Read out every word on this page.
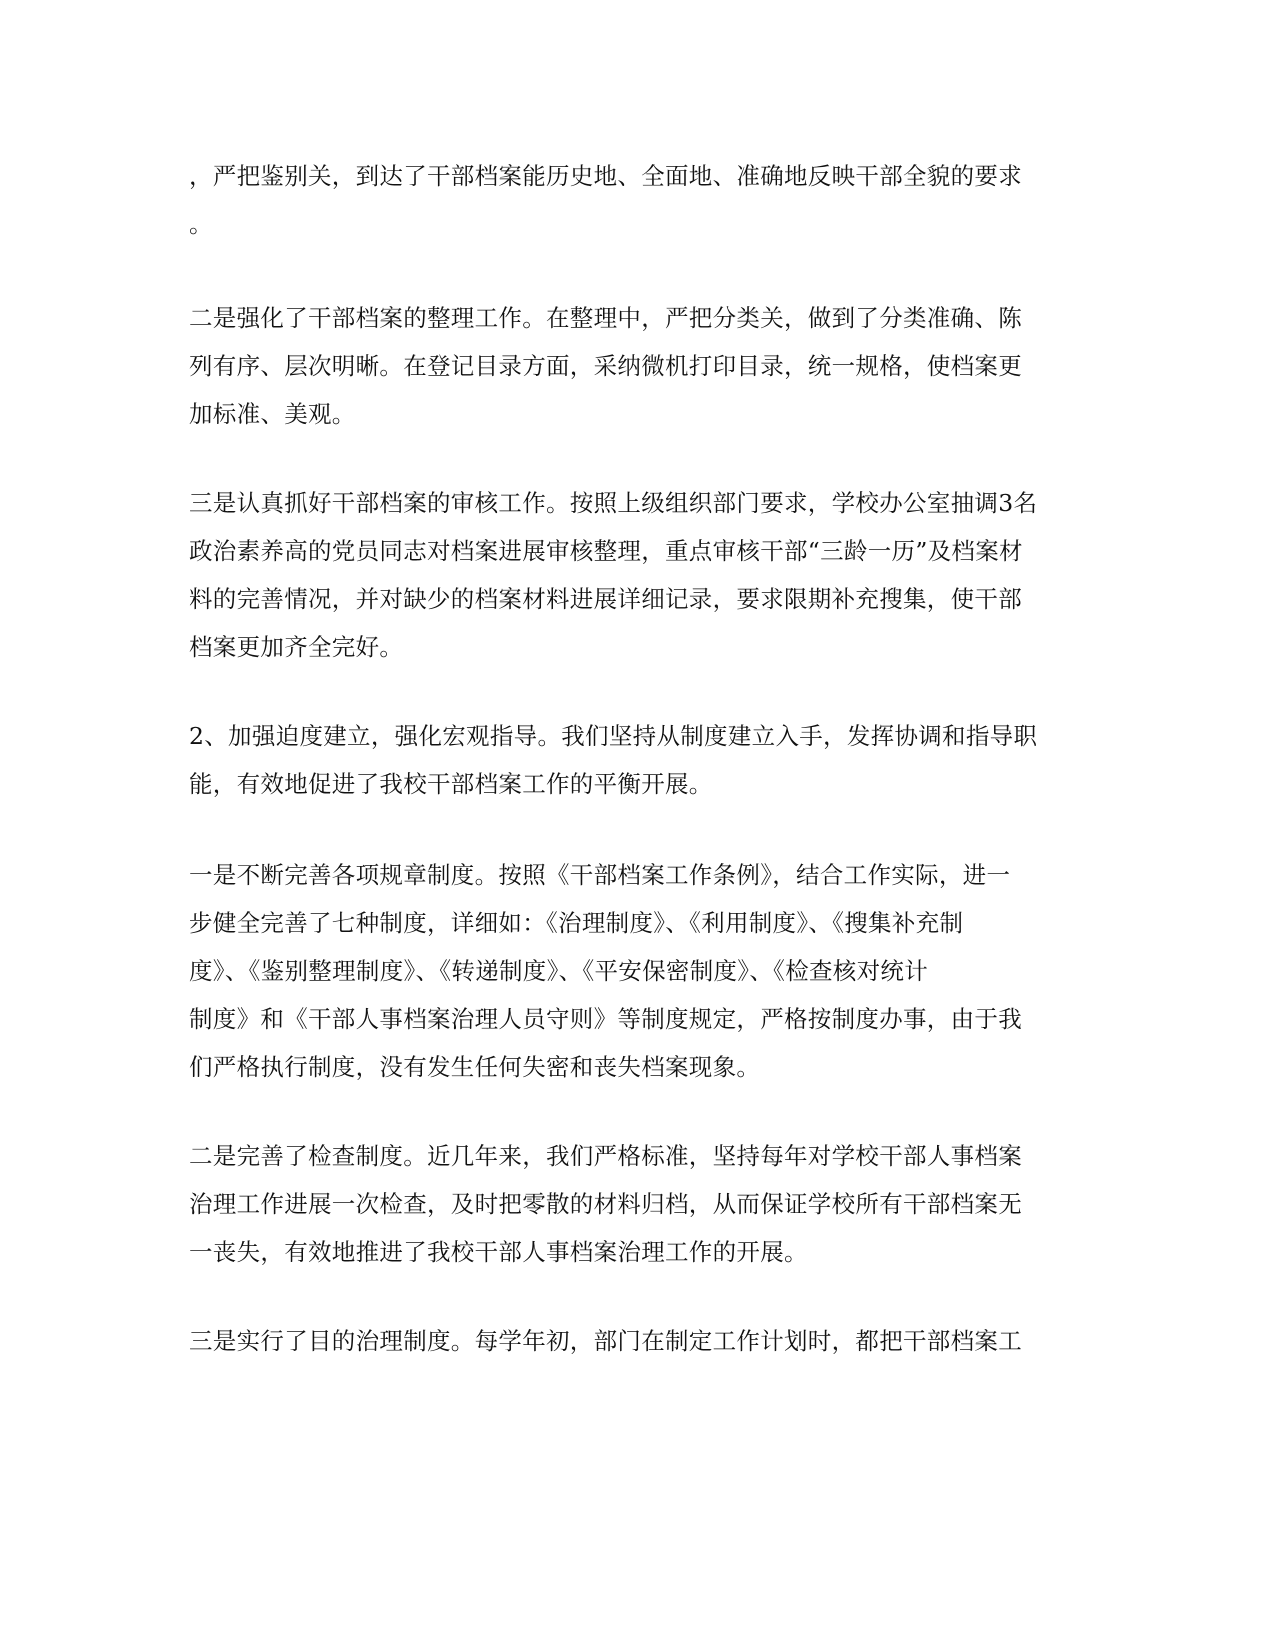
，严把鉴别关，到达了干部档案能历史地、全面地、准确地反映干部全貌的要求
。
二是强化了干部档案的整理工作。在整理中，严把分类关，做到了分类准确、陈
列有序、层次明晰。在登记目录方面，采纳微机打印目录，统一规格，使档案更
加标准、美观。
三是认真抓好干部档案的审核工作。按照上级组织部门要求，学校办公室抽调3名
政治素养高的党员同志对档案进展审核整理，重点审核干部“三龄一历”及档案材
料的完善情况，并对缺少的档案材料进展详细记录，要求限期补充搜集，使干部
档案更加齐全完好。
2、加强迫度建立，强化宏观指导。我们坚持从制度建立入手，发挥协调和指导职
能，有效地促进了我校干部档案工作的平衡开展。
一是不断完善各项规章制度。按照《干部档案工作条例》，结合工作实际，进一
步健全完善了七种制度，详细如：《治理制度》、《利用制度》、《搜集补充制
度》、《鉴别整理制度》、《转递制度》、《平安保密制度》、《检查核对统计
制度》和《干部人事档案治理人员守则》等制度规定，严格按制度办事，由于我
们严格执行制度，没有发生任何失密和丧失档案现象。
二是完善了检查制度。近几年来，我们严格标准，坚持每年对学校干部人事档案
治理工作进展一次检查，及时把零散的材料归档，从而保证学校所有干部档案无
一丧失，有效地推进了我校干部人事档案治理工作的开展。
三是实行了目的治理制度。每学年初，部门在制定工作计划时，都把干部档案工
